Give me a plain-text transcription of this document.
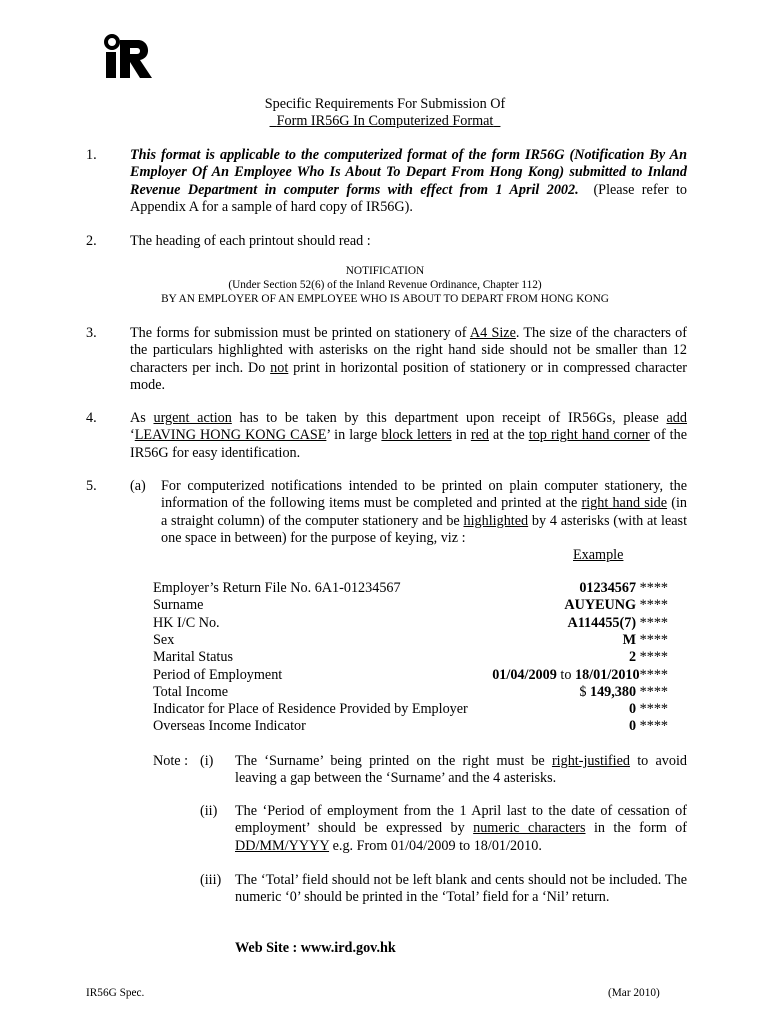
Specific Requirements For Submission Of
Form IR56G In Computerized Format
1. This format is applicable to the computerized format of the form IR56G (Notification By An Employer Of An Employee Who Is About To Depart From Hong Kong) submitted to Inland Revenue Department in computer forms with effect from 1 April 2002. (Please refer to Appendix A for a sample of hard copy of IR56G).
2. The heading of each printout should read :
NOTIFICATION
(Under Section 52(6) of the Inland Revenue Ordinance, Chapter 112)
BY AN EMPLOYER OF AN EMPLOYEE WHO IS ABOUT TO DEPART FROM HONG KONG
3. The forms for submission must be printed on stationery of A4 Size. The size of the characters of the particulars highlighted with asterisks on the right hand side should not be smaller than 12 characters per inch. Do not print in horizontal position of stationery or in compressed character mode.
4. As urgent action has to be taken by this department upon receipt of IR56Gs, please add ‘LEAVING HONG KONG CASE’ in large block letters in red at the top right hand corner of the IR56G for easy identification.
5. (a) For computerized notifications intended to be printed on plain computer stationery, the information of the following items must be completed and printed at the right hand side (in a straight column) of the computer stationery and be highlighted by 4 asterisks (with at least one space in between) for the purpose of keying, viz :
Example
Employer’s Return File No. 6A1-01234567	01234567 ****
Surname	AUYEUNG ****
HK I/C No.	A114455(7) ****
Sex	M ****
Marital Status	2 ****
Period of Employment	01/04/2009 to 18/01/2010****
Total Income	$ 149,380 ****
Indicator for Place of Residence Provided by Employer	0 ****
Overseas Income Indicator	0 ****
Note : (i) The ‘Surname’ being printed on the right must be right-justified to avoid leaving a gap between the ‘Surname’ and the 4 asterisks.
(ii) The ‘Period of employment from the 1 April last to the date of cessation of employment’ should be expressed by numeric characters in the form of DD/MM/YYYY e.g. From 01/04/2009 to 18/01/2010.
(iii) The ‘Total’ field should not be left blank and cents should not be included. The numeric ‘0’ should be printed in the ‘Total’ field for a ‘Nil’ return.
Web Site : www.ird.gov.hk
IR56G Spec.	(Mar 2010)
